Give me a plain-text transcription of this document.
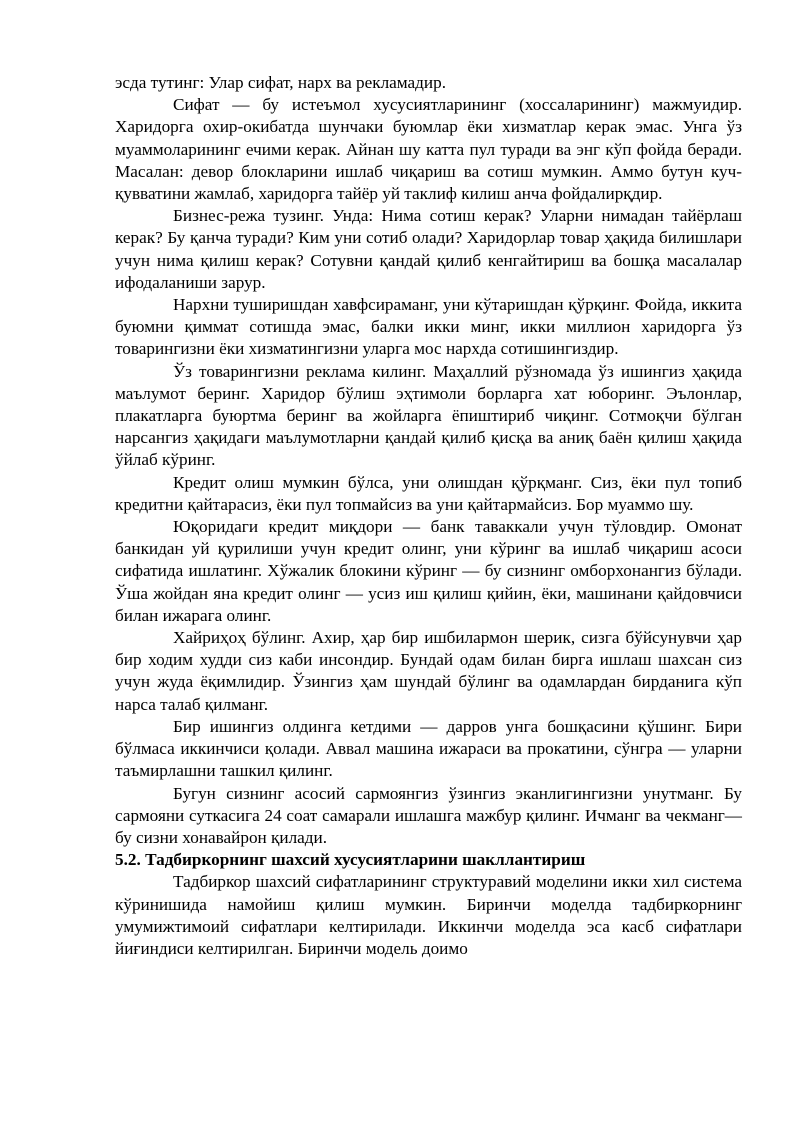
эсда тутинг: Улар сифат, нарх ва рекламадир.

Сифат — бу истеъмол хусусиятларининг (хоссаларининг) мажмуидир. Харидорга охир-окибатда шунчаки буюмлар ёки хизматлар керак эмас. Унга ўз муаммоларининг ечими керак. Айнан шу катта пул туради ва энг кўп фойда беради. Масалан: девор блокларини ишлаб чиқариш ва сотиш мумкин. Аммо бутун куч-қувватини жамлаб, харидорга тайёр уй таклиф килиш анча фойдалирқдир.

Бизнес-режа тузинг. Унда: Нима сотиш керак? Уларни нимадан тайёрлаш керак? Бу қанча туради? Ким уни сотиб олади? Харидорлар товар ҳақида билишлари учун нима қилиш керак? Сотувни қандай қилиб кенгайтириш ва бошқа масалалар ифодаланиши зарур.

Нархни туширишдан хавфсираманг, уни кўтаришдан қўрқинг. Фойда, иккита буюмни қиммат сотишда эмас, балки икки минг, икки миллион харидорга ўз товарингизни ёки хизматингизни уларга мос нархда сотишингиздир.

Ўз товарингизни реклама килинг. Маҳаллий рўзномада ўз ишингиз ҳақида маълумот беринг. Харидор бўлиш эҳтимоли борларга хат юборинг. Эълонлар, плакатларга буюртма беринг ва жойларга ёпиштириб чиқинг. Сотмоқчи бўлган нарсангиз ҳақидаги маълумотларни қандай қилиб қисқа ва аниқ баён қилиш ҳақида ўйлаб кўринг.

Кредит олиш мумкин бўлса, уни олишдан қўрқманг. Сиз, ёки пул топиб кредитни қайтарасиз, ёки пул топмайсиз ва уни қайтармайсиз. Бор муаммо шу.

Юқоридаги кредит миқдори — банк таваккали учун тўловдир. Омонат банкидан уй қурилиши учун кредит олинг, уни кўринг ва ишлаб чиқариш асоси сифатида ишлатинг. Хўжалик блокини кўринг — бу сизнинг омборхонангиз бўлади. Ўша жойдан яна кредит олинг — усиз иш қилиш қийин, ёки, машинани қайдовчиси билан ижарага олинг.

Хайриҳоҳ бўлинг. Ахир, ҳар бир ишбилармон шерик, сизга бўйсунувчи ҳар бир ходим худди сиз каби инсондир. Бундай одам билан бирга ишлаш шахсан сиз учун жуда ёқимлидир. Ўзингиз ҳам шундай бўлинг ва одамлардан бирданига кўп нарса талаб қилманг.

Бир ишингиз олдинга кетдими — дарров унга бошқасини қўшинг. Бири бўлмаса иккинчиси қолади. Аввал машина ижараси ва прокатини, сўнгра — уларни таъмирлашни ташкил қилинг.

Бугун сизнинг асосий сармоянгиз ўзингиз эканлигингизни унутманг. Бу сармояни суткасига 24 соат самарали ишлашга мажбур қилинг. Ичманг ва чекманг— бу сизни хонавайрон қилади.

5.2. Тадбиркорнинг шахсий хусусиятларини шакллантириш

Тадбиркор шахсий сифатларининг структуравий моделини икки хил система кўринишида намойиш қилиш мумкин. Биринчи моделда тадбиркорнинг умумижтимоий сифатлари келтирилади. Иккинчи моделда эса касб сифатлари йиғиндиси келтирилган. Биринчи модель доимо
